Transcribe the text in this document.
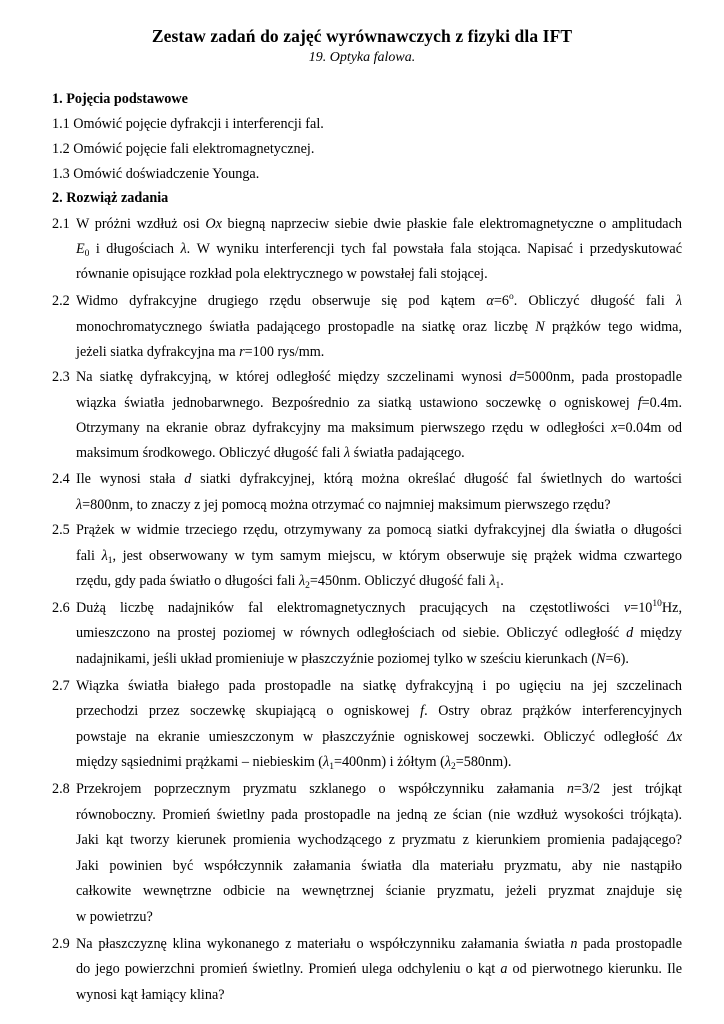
Zestaw zadań do zajęć wyrównawczych z fizyki dla IFT
19. Optyka falowa.
1. Pojęcia podstawowe
1.1 Omówić pojęcie dyfrakcji i interferencji fal.
1.2 Omówić pojęcie fali elektromagnetycznej.
1.3 Omówić doświadczenie Younga.
2. Rozwiąż zadania
2.1 W próżni wzdłuż osi Ox biegną naprzeciw siebie dwie płaskie fale elektromagnetyczne o amplitudach
$E_0$ i długościach λ. W wyniku interferencji tych fal powstała fala stojąca. Napisać i przedyskutować
równanie opisujące rozkład pola elektrycznego w powstałej fali stojącej.
2.2 Widmo dyfrakcyjne drugiego rzędu obserwuje się pod kątem $\alpha=6^o$. Obliczyć długość fali λ
monochromatycznego światła padającego prostopadle na siatkę oraz liczbę N prążków tego widma,
jeżeli siatka dyfrakcyjna ma r=100 rys/mm.
2.3 Na siatkę dyfrakcyjną, w której odległość między szczelinami wynosi d=5000nm, pada prostopadle
wiązka światła jednobarwnego. Bezpośrednio za siatką ustawiono soczewkę o ogniskowej f=0.4m.
Otrzymany na ekranie obraz dyfrakcyjny ma maksimum pierwszego rzędu w odległości x=0.04m od
maksimum środkowego. Obliczyć długość fali λ światła padającego.
2.4 Ile wynosi stała d siatki dyfrakcyjnej, którą można określać długość fal świetlnych do wartości
λ=800nm, to znaczy z jej pomocą można otrzymać co najmniej maksimum pierwszego rzędu?
2.5 Prążek w widmie trzeciego rzędu, otrzymywany za pomocą siatki dyfrakcyjnej dla światła o długości
fali $\lambda_1$, jest obserwowany w tym samym miejscu, w którym obserwuje się prążek widma czwartego
rzędu, gdy pada światło o długości fali $\lambda_2=450nm$. Obliczyć długość fali $\lambda_1$.
2.6 Dużą liczbę nadajników fal elektromagnetycznych pracujących na częstotliwości $\nu=10^{10}Hz$,
umieszczono na prostej poziomej w równych odległościach od siebie. Obliczyć odległość d między
nadajnikami, jeśli układ promieniuje w płaszczyźnie poziomej tylko w sześciu kierunkach (N=6).
2.7 Wiązka światła białego pada prostopadle na siatkę dyfrakcyjną i po ugięciu na jej szczelinach
przechodzi przez soczewkę skupiającą o ogniskowej f. Ostry obraz prążków interferencyjnych
powstaje na ekranie umieszczonym w płaszczyźnie ogniskowej soczewki. Obliczyć odległość Δx
między sąsiednimi prążkami – niebieskim $(\lambda_1=400nm)$ i żółtym $(\lambda_2=580nm)$.
2.8 Przekrojem poprzecznym pryzmatu szklanego o współczynniku załamania n=3/2 jest trójkąt
równoboczny. Promień świetlny pada prostopadle na jedną ze ścian (nie wzdłuż wysokości trójkąta).
Jaki kąt tworzy kierunek promienia wychodzącego z pryzmatu z kierunkiem promienia padającego?
Jaki powinien być współczynnik załamania światła dla materiału pryzmatu, aby nie nastąpiło
całkowite wewnętrzne odbicie na wewnętrznej ścianie pryzmatu, jeżeli pryzmat znajduje się
w powietrzu?
2.9 Na płaszczyznę klina wykonanego z materiału o współczynniku załamania światła n pada prostopadle
do jego powierzchni promień świetlny. Promień ulega odchyleniu o kąt a od pierwotnego kierunku. Ile
wynosi kąt łamiący klina?
